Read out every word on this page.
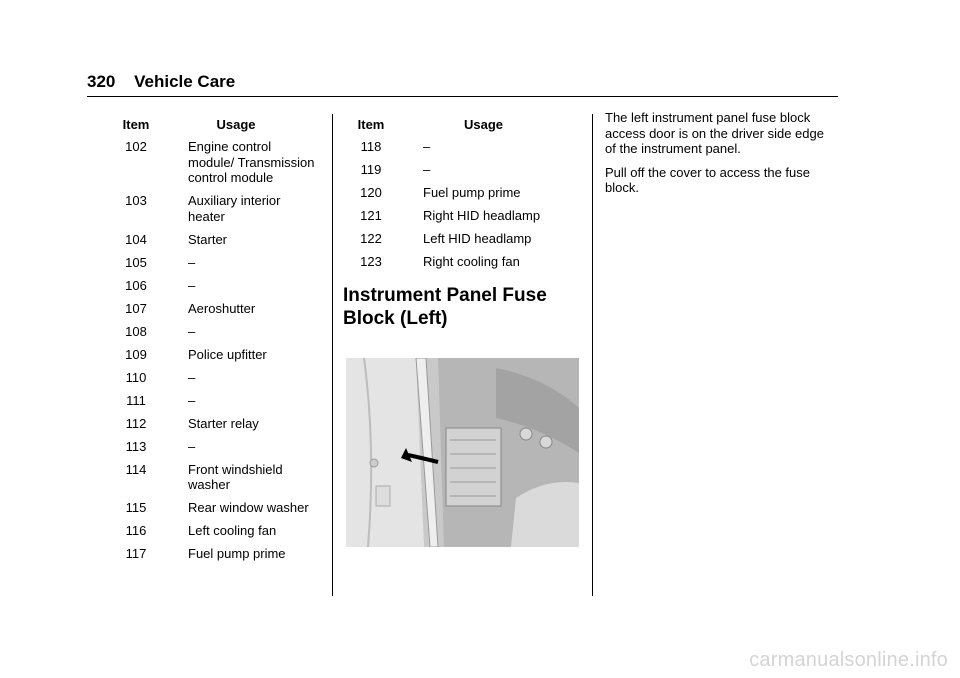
320 Vehicle Care
Item	Usage
102	Engine control module/ Transmission control module
103	Auxiliary interior heater
104	Starter
105	–
106	–
107	Aeroshutter
108	–
109	Police upfitter
110	–
111	–
112	Starter relay
113	–
114	Front windshield washer
115	Rear window washer
116	Left cooling fan
117	Fuel pump prime
Item	Usage
118	–
119	–
120	Fuel pump prime
121	Right HID headlamp
122	Left HID headlamp
123	Right cooling fan
Instrument Panel Fuse Block (Left)

The left instrument panel fuse block access door is on the driver side edge of the instrument panel.

Pull off the cover to access the fuse block.

carmanualsonline.info
